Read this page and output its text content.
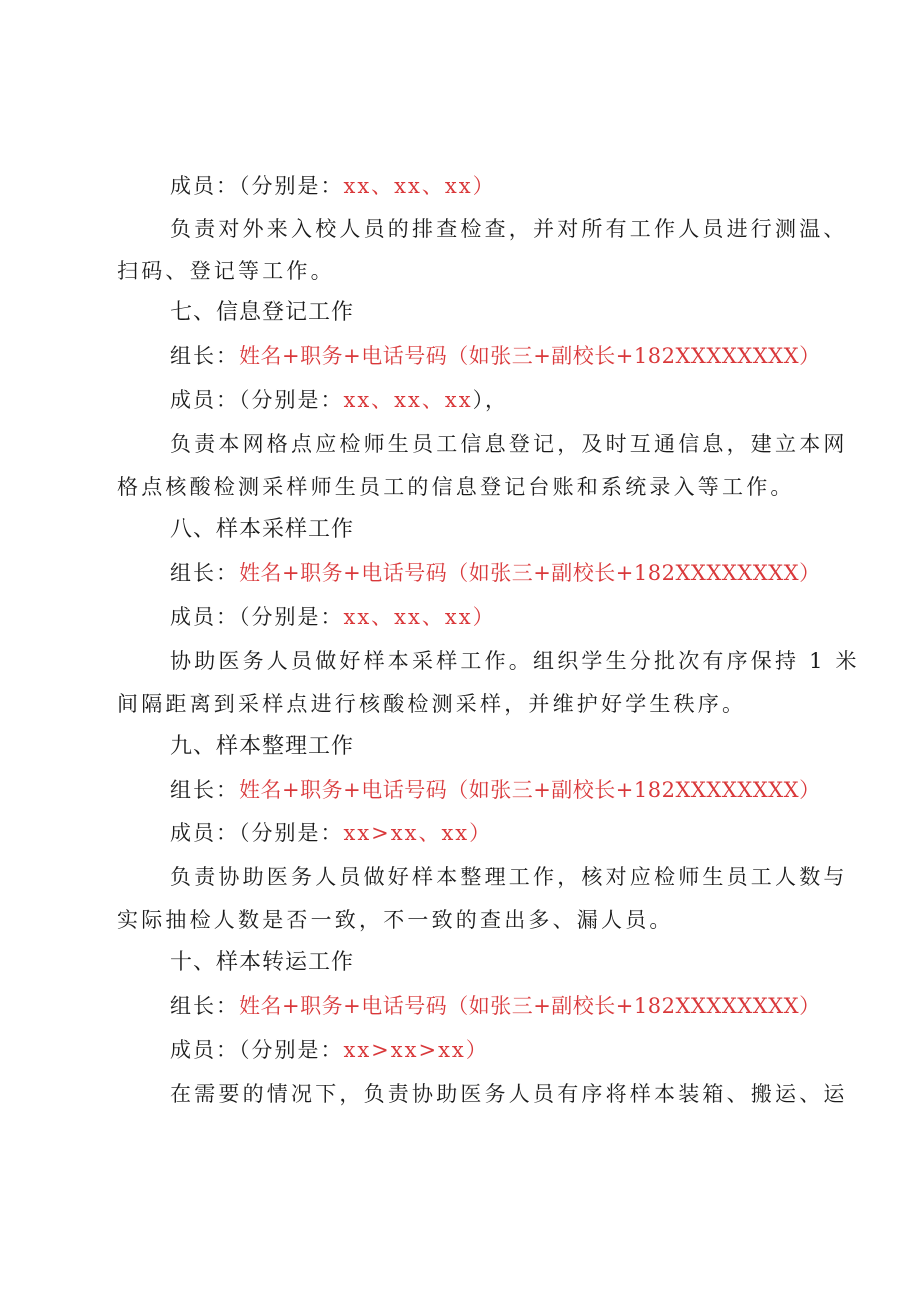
成员：（分别是：xx、xx、xx）
负责对外来入校人员的排查检查，并对所有工作人员进行测温、
扫码、登记等工作。
七、信息登记工作
组长：姓名+职务+电话号码（如张三+副校长+182XXXXXXXX）
成员：（分别是：xx、xx、xx），
负责本网格点应检师生员工信息登记，及时互通信息，建立本网
格点核酸检测采样师生员工的信息登记台账和系统录入等工作。
八、样本采样工作
组长：姓名+职务+电话号码（如张三+副校长+182XXXXXXXX）
成员：（分别是：xx、xx、xx）
协助医务人员做好样本采样工作。组织学生分批次有序保持 1 米
间隔距离到采样点进行核酸检测采样，并维护好学生秩序。
九、样本整理工作
组长：姓名+职务+电话号码（如张三+副校长+182XXXXXXXX）
成员：（分别是：xx>xx、xx）
负责协助医务人员做好样本整理工作，核对应检师生员工人数与
实际抽检人数是否一致，不一致的查出多、漏人员。
十、样本转运工作
组长：姓名+职务+电话号码（如张三+副校长+182XXXXXXXX）
成员：（分别是：xx>xx>xx）
在需要的情况下，负责协助医务人员有序将样本装箱、搬运、运
